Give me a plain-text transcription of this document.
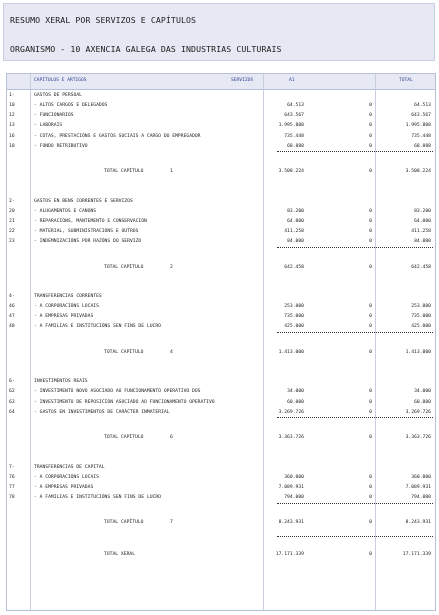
RESUMO XERAL POR SERVIZOS E CAPÍTULOS
ORGANISMO - 10 AXENCIA GALEGA DAS INDUSTRIAS CULTURAIS
CAPÍTULOS E ARTIGOS	SERVIZOS	A1	TOTAL
1-	GASTOS DE PERSOAL
10	- ALTOS CARGOS E DELEGADOS	64.513	0	64.513
12	- FUNCIONARIOS	643.567	0	643.567
13	- LABORAIS	1.995.808	0	1.995.808
16	- COTAS, PRESTACIÓNS E GASTOS SOCIAIS A CARGO DO EMPREGADOR	735.448	0	735.448
18	- FONDO RETRIBUTIVO	68.888	0	68.888
TOTAL CAPÍTULO	1	3.508.224	0	3.508.224
2-	GASTOS EN BENS CORRENTES E SERVIZOS
20	- ALUGAMENTOS E CANONS	83.200	0	83.200
21	- REPARACIÓNS, MANTEMENTO E CONSERVACIÓN	64.000	0	64.000
22	- MATERIAL, SUBMINISTRACIÓNS E OUTROS	411.258	0	411.258
23	- INDEMNIZACIÓNS POR RAZÓNS DO SERVIZO	84.000	0	84.000
TOTAL CAPÍTULO	2	642.458	0	642.458
4-	TRANSFERENCIAS CORRENTES
46	- A CORPORACIÓNS LOCAIS	253.000	0	253.000
47	- A EMPRESAS PRIVADAS	735.000	0	735.000
48	- A FAMILIAS E INSTITUCIÓNS SEN FINS DE LUCRO	425.000	0	425.000
TOTAL CAPÍTULO	4	1.413.000	0	1.413.000
6-	INVESTIMENTOS REAIS
62	- INVESTIMENTO NOVO ASOCIADO AO FUNCIONAMENTO OPERATIVO DOS	34.000	0	34.000
63	- INVESTIMENTO DE REPOSICIÓN ASOCIADO AO FUNCIONAMENTO OPERATIVO	60.000	0	60.000
64	- GASTOS EN INVESTIMENTOS DE CARÁCTER INMATERIAL	3.269.726	0	3.269.726
TOTAL CAPÍTULO	6	3.363.726	0	3.363.726
7-	TRANSFERENCIAS DE CAPITAL
76	- A CORPORACIÓNS LOCAIS	360.000	0	360.000
77	- A EMPRESAS PRIVADAS	7.089.931	0	7.089.931
78	- A FAMILIAS E INSTITUCIÓNS SEN FINS DE LUCRO	794.000	0	794.000
TOTAL CAPÍTULO	7	8.243.931	0	8.243.931
TOTAL XERAL	17.171.339	0	17.171.339
